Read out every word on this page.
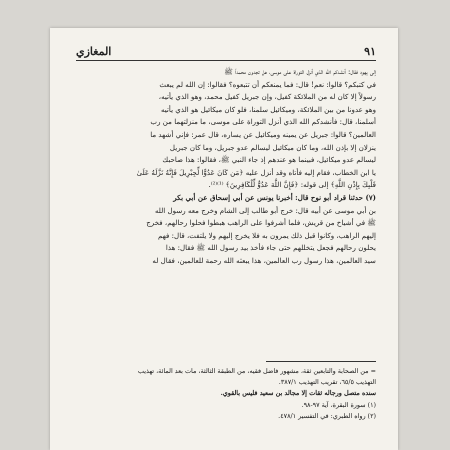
٩١
المغازي

إلى يهود فقال: أنشدكم الله الذي أنزل التوراة على موسى، هل تجدون محمداً ﷺ

في كتبكم؟ قالوا: نعم! قال: فما يمنعكم أن تتبعوه؟ فقالوا: إن الله لم يبعث

رسولاً إلا كان له من الملائكة كفيل، وإن جبريل كفيل محمد، وهو الذي يأتيه،

وهو عدونا من بين الملائكة، وميكائيل سلمنا، فلو كان ميكائيل هو الذي يأتيه

أسلمنا، قال: فأنشدكم الله الذي أنزل التوراة على موسى، ما منزلتهما من رب

العالمين؟ قالوا: جبريل عن يمينه وميكائيل عن يساره، قال عمر: فإني أشهد ما

ينزلان إلا بإذن الله، وما كان ميكائيل ليسالم عدو جبريل، وما كان جبريل

ليسالم عدو ميكائيل، فبينما هو عندهم إذ جاء النبي ﷺ، فقالوا: هذا صاحبك

يا ابن الخطاب، فقام إليه فأتاه وقد أنزل عليه ﴿مَن كَانَ عَدُوًّا لِّجِبْرِيلَ فَإِنَّهُ نَزَّلَهُ عَلَىٰ

قَلْبِكَ بِإِذْنِ اللَّهِ﴾ إلى قوله: ﴿فَإِنَّ اللَّهَ عَدُوٌّ لِّلْكَافِرِينَ﴾ ⁽¹⁾⁽²⁾.

(٧) حدثنا قراد أبو نوح قال: أخبرنا يونس عن أبي إسحاق عن أبي بكر

بن أبي موسى عن أبيه قال: خرج أبو طالب إلى الشام وخرج معه رسول الله

ﷺ في أشياخ من قريش، فلما أشرفوا على الراهب هبطوا فحلوا رحالهم، فخرج

إليهم الراهب، وكانوا قبل ذلك يمرون به فلا يخرج إليهم ولا يلتفت، قال: فهم

يحلون رحالهم فجعل يتخللهم حتى جاء فأخذ بيد رسول الله ﷺ فقال: هذا

سيد العالمين، هذا رسول رب العالمين، هذا يبعثه الله رحمة للعالمين، فقال له

= من الصحابة والتابعين ثقة، مشهور فاضل فقيه، من الطبقة الثالثة، مات بعد المائة، تهذيب

التهذيب ٦٥/٥، تقريب التهذيب ٣٨٧/١.

سنده متصل ورجاله ثقات إلا مجالد بن سعيد فليس بالقوي.

(١) سورة البقرة، آية ٩٧-٩٨.

(٢) رواه الطبري: في التفسير ٤٧٨/١.
